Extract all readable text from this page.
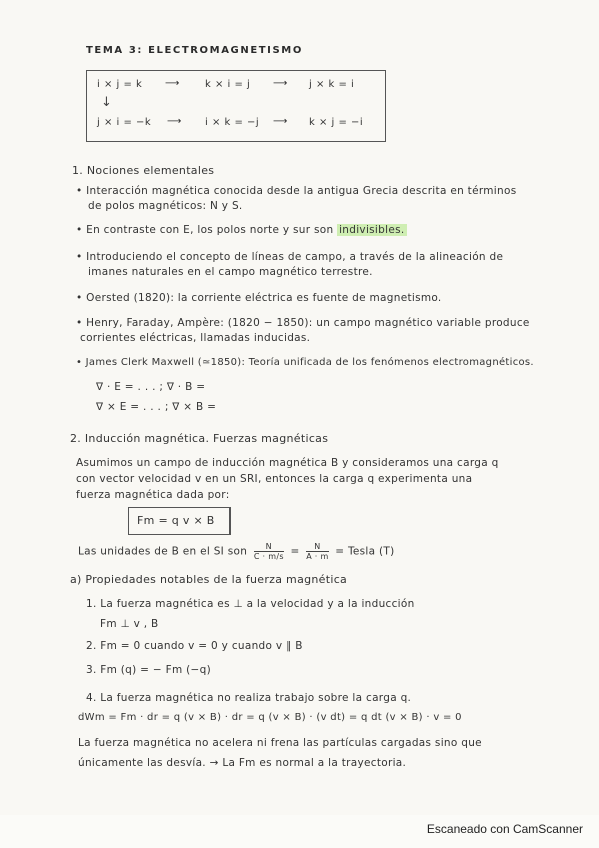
TEMA 3: ELECTROMAGNETISMO
i × j = k ⟶	k × i = j ⟶ j × k = i
↓
j × i = −k ⟶ i × k = −j ⟶ k × j = −i
1. Nociones elementales
• Interacción magnética conocida desde la antigua Grecia descrita en términos
de polos magnéticos: N y S.
• En contraste con E, los polos norte y sur son indivisibles.
• Introduciendo el concepto de líneas de campo, a través de la alineación de
imanes naturales en el campo magnético terrestre.
• Oersted (1820): la corriente eléctrica es fuente de magnetismo.
• Henry, Faraday, Ampère: (1820 − 1850): un campo magnético variable produce
corrientes eléctricas, llamadas inducidas.
• James Clerk Maxwell (≃1850): Teoría unificada de los fenómenos electromagnéticos.
∇ · E = . . . ; ∇ · B =
∇ × E = . . . ; ∇ × B =
2. Inducción magnética. Fuerzas magnéticas
Asumimos un campo de inducción magnética B y consideramos una carga q
con vector velocidad v en un SRI, entonces la carga q experimenta una
fuerza magnética dada por:
Fm = q v × B
Las unidades de B en el SI son $\frac{N}{C \cdot m/s} = \frac{N}{A \cdot m}$ = Tesla (T)
a) Propiedades notables de la fuerza magnética
1. La fuerza magnética es ⊥ a la velocidad y a la inducción
Fm ⊥ v , B
2. Fm = 0 cuando v = 0 y cuando v ∥ B
3. Fm (q) = − Fm (−q)
4. La fuerza magnética no realiza trabajo sobre la carga q.
dWm = Fm · dr = q (v × B) · dr = q (v × B) · (v dt) = q dt (v × B) · v = 0
La fuerza magnética no acelera ni frena las partículas cargadas sino que
únicamente las desvía. → La Fm es normal a la trayectoria.
Escaneado con CamScanner
